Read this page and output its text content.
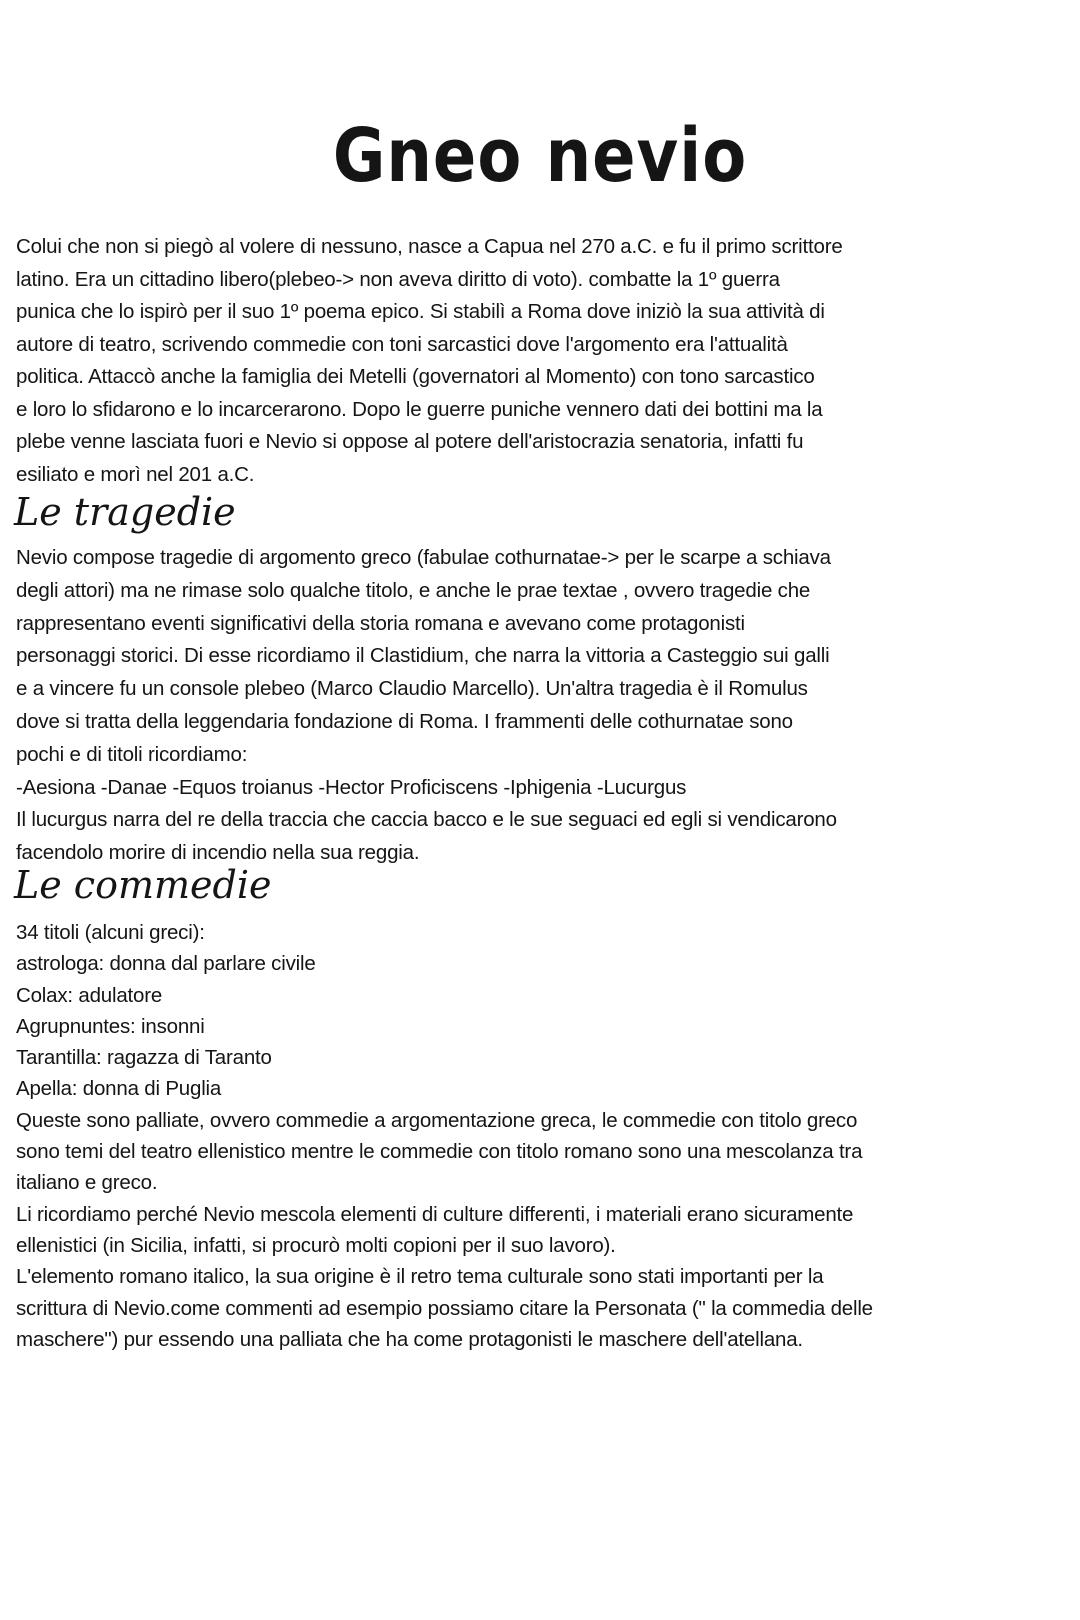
Gneo nevio
Colui che non si piegò al volere di nessuno, nasce a Capua nel 270 a.C. e fu il primo scrittore
latino. Era un cittadino libero(plebeo-> non aveva diritto di voto). combatte la 1º guerra
punica che lo ispirò per il suo 1º poema epico. Si stabilì a Roma dove iniziò la sua attività di
autore di teatro, scrivendo commedie con toni sarcastici dove l'argomento era l'attualità
politica. Attaccò anche la famiglia dei Metelli (governatori al Momento) con tono sarcastico
e loro lo sfidarono e lo incarcerarono. Dopo le guerre puniche vennero dati dei bottini ma la
plebe venne lasciata fuori e Nevio si oppose al potere dell'aristocrazia senatoria, infatti fu
esiliato e morì nel 201 a.C.
Le tragedie
Nevio compose tragedie di argomento greco (fabulae cothurnatae-> per le scarpe a schiava
degli attori) ma ne rimase solo qualche titolo, e anche le prae textae , ovvero tragedie che
rappresentano eventi significativi della storia romana e avevano come protagonisti
personaggi storici. Di esse ricordiamo il Clastidium, che narra la vittoria a Casteggio sui galli
e a vincere fu un console plebeo (Marco Claudio Marcello). Un'altra tragedia è il Romulus
dove si tratta della leggendaria fondazione di Roma. I frammenti delle cothurnatae sono
pochi e di titoli ricordiamo:
-Aesiona -Danae -Equos troianus -Hector Proficiscens -Iphigenia -Lucurgus
Il lucurgus narra del re della traccia che caccia bacco e le sue seguaci ed egli si vendicarono
facendolo morire di incendio nella sua reggia.
Le commedie
34 titoli (alcuni greci):
astrologa: donna dal parlare civile
Colax: adulatore
Agrupnuntes: insonni
Tarantilla: ragazza di Taranto
Apella: donna di Puglia
Queste sono palliate, ovvero commedie a argomentazione greca, le commedie con titolo greco
sono temi del teatro ellenistico mentre le commedie con titolo romano sono una mescolanza tra
italiano e greco.
Li ricordiamo perché Nevio mescola elementi di culture differenti, i materiali erano sicuramente
ellenistici (in Sicilia, infatti, si procurò molti copioni per il suo lavoro).
L'elemento romano italico, la sua origine è il retro tema culturale sono stati importanti per la
scrittura di Nevio.come commenti ad esempio possiamo citare la Personata (" la commedia delle
maschere") pur essendo una palliata che ha come protagonisti le maschere dell'atellana.
